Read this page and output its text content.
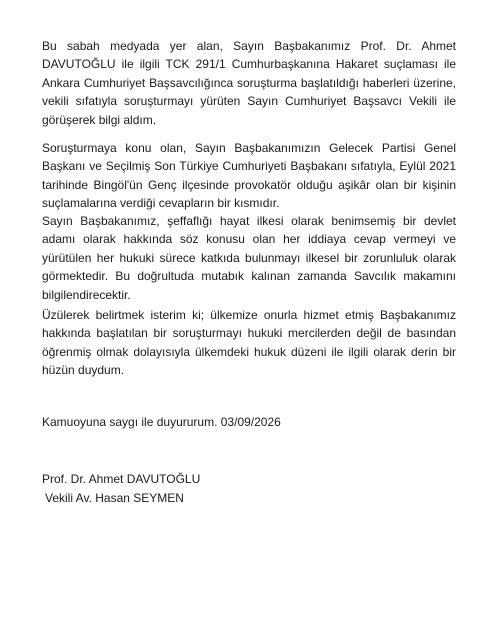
Bu sabah medyada yer alan, Sayın Başbakanımız Prof. Dr. Ahmet DAVUTOĞLU ile ilgili TCK 291/1 Cumhurbaşkanına Hakaret suçlaması ile Ankara Cumhuriyet Başsavcılığınca soruşturma başlatıldığı haberleri üzerine, vekili sıfatıyla soruşturmayı yürüten Sayın Cumhuriyet Başsavcı Vekili ile görüşerek bilgi aldım.

Soruşturmaya konu olan, Sayın Başbakanımızın Gelecek Partisi Genel Başkanı ve Seçilmiş Son Türkiye Cumhuriyeti Başbakanı sıfatıyla, Eylül 2021 tarihinde Bingöl'ün Genç ilçesinde provokatör olduğu aşikâr olan bir kişinin suçlamalarına verdiği cevapların bir kısmıdır.

Sayın Başbakanımız, şeffaflığı hayat ilkesi olarak benimsemiş bir devlet adamı olarak hakkında söz konusu olan her iddiaya cevap vermeyi ve yürütülen her hukuki sürece katkıda bulunmayı ilkesel bir zorunluluk olarak görmektedir. Bu doğrultuda mutabık kalınan zamanda Savcılık makamını bilgilendirecektir.

Üzülerek belirtmek isterim ki; ülkemize onurla hizmet etmiş Başbakanımız hakkında başlatılan bir soruşturmayı hukuki mercilerden değil de basından öğrenmiş olmak dolayısıyla ülkemdeki hukuk düzeni ile ilgili olarak derin bir hüzün duydum.

Kamuoyuna saygı ile duyururum. 03/09/2026

Prof. Dr. Ahmet DAVUTOĞLU

Vekili Av. Hasan SEYMEN
